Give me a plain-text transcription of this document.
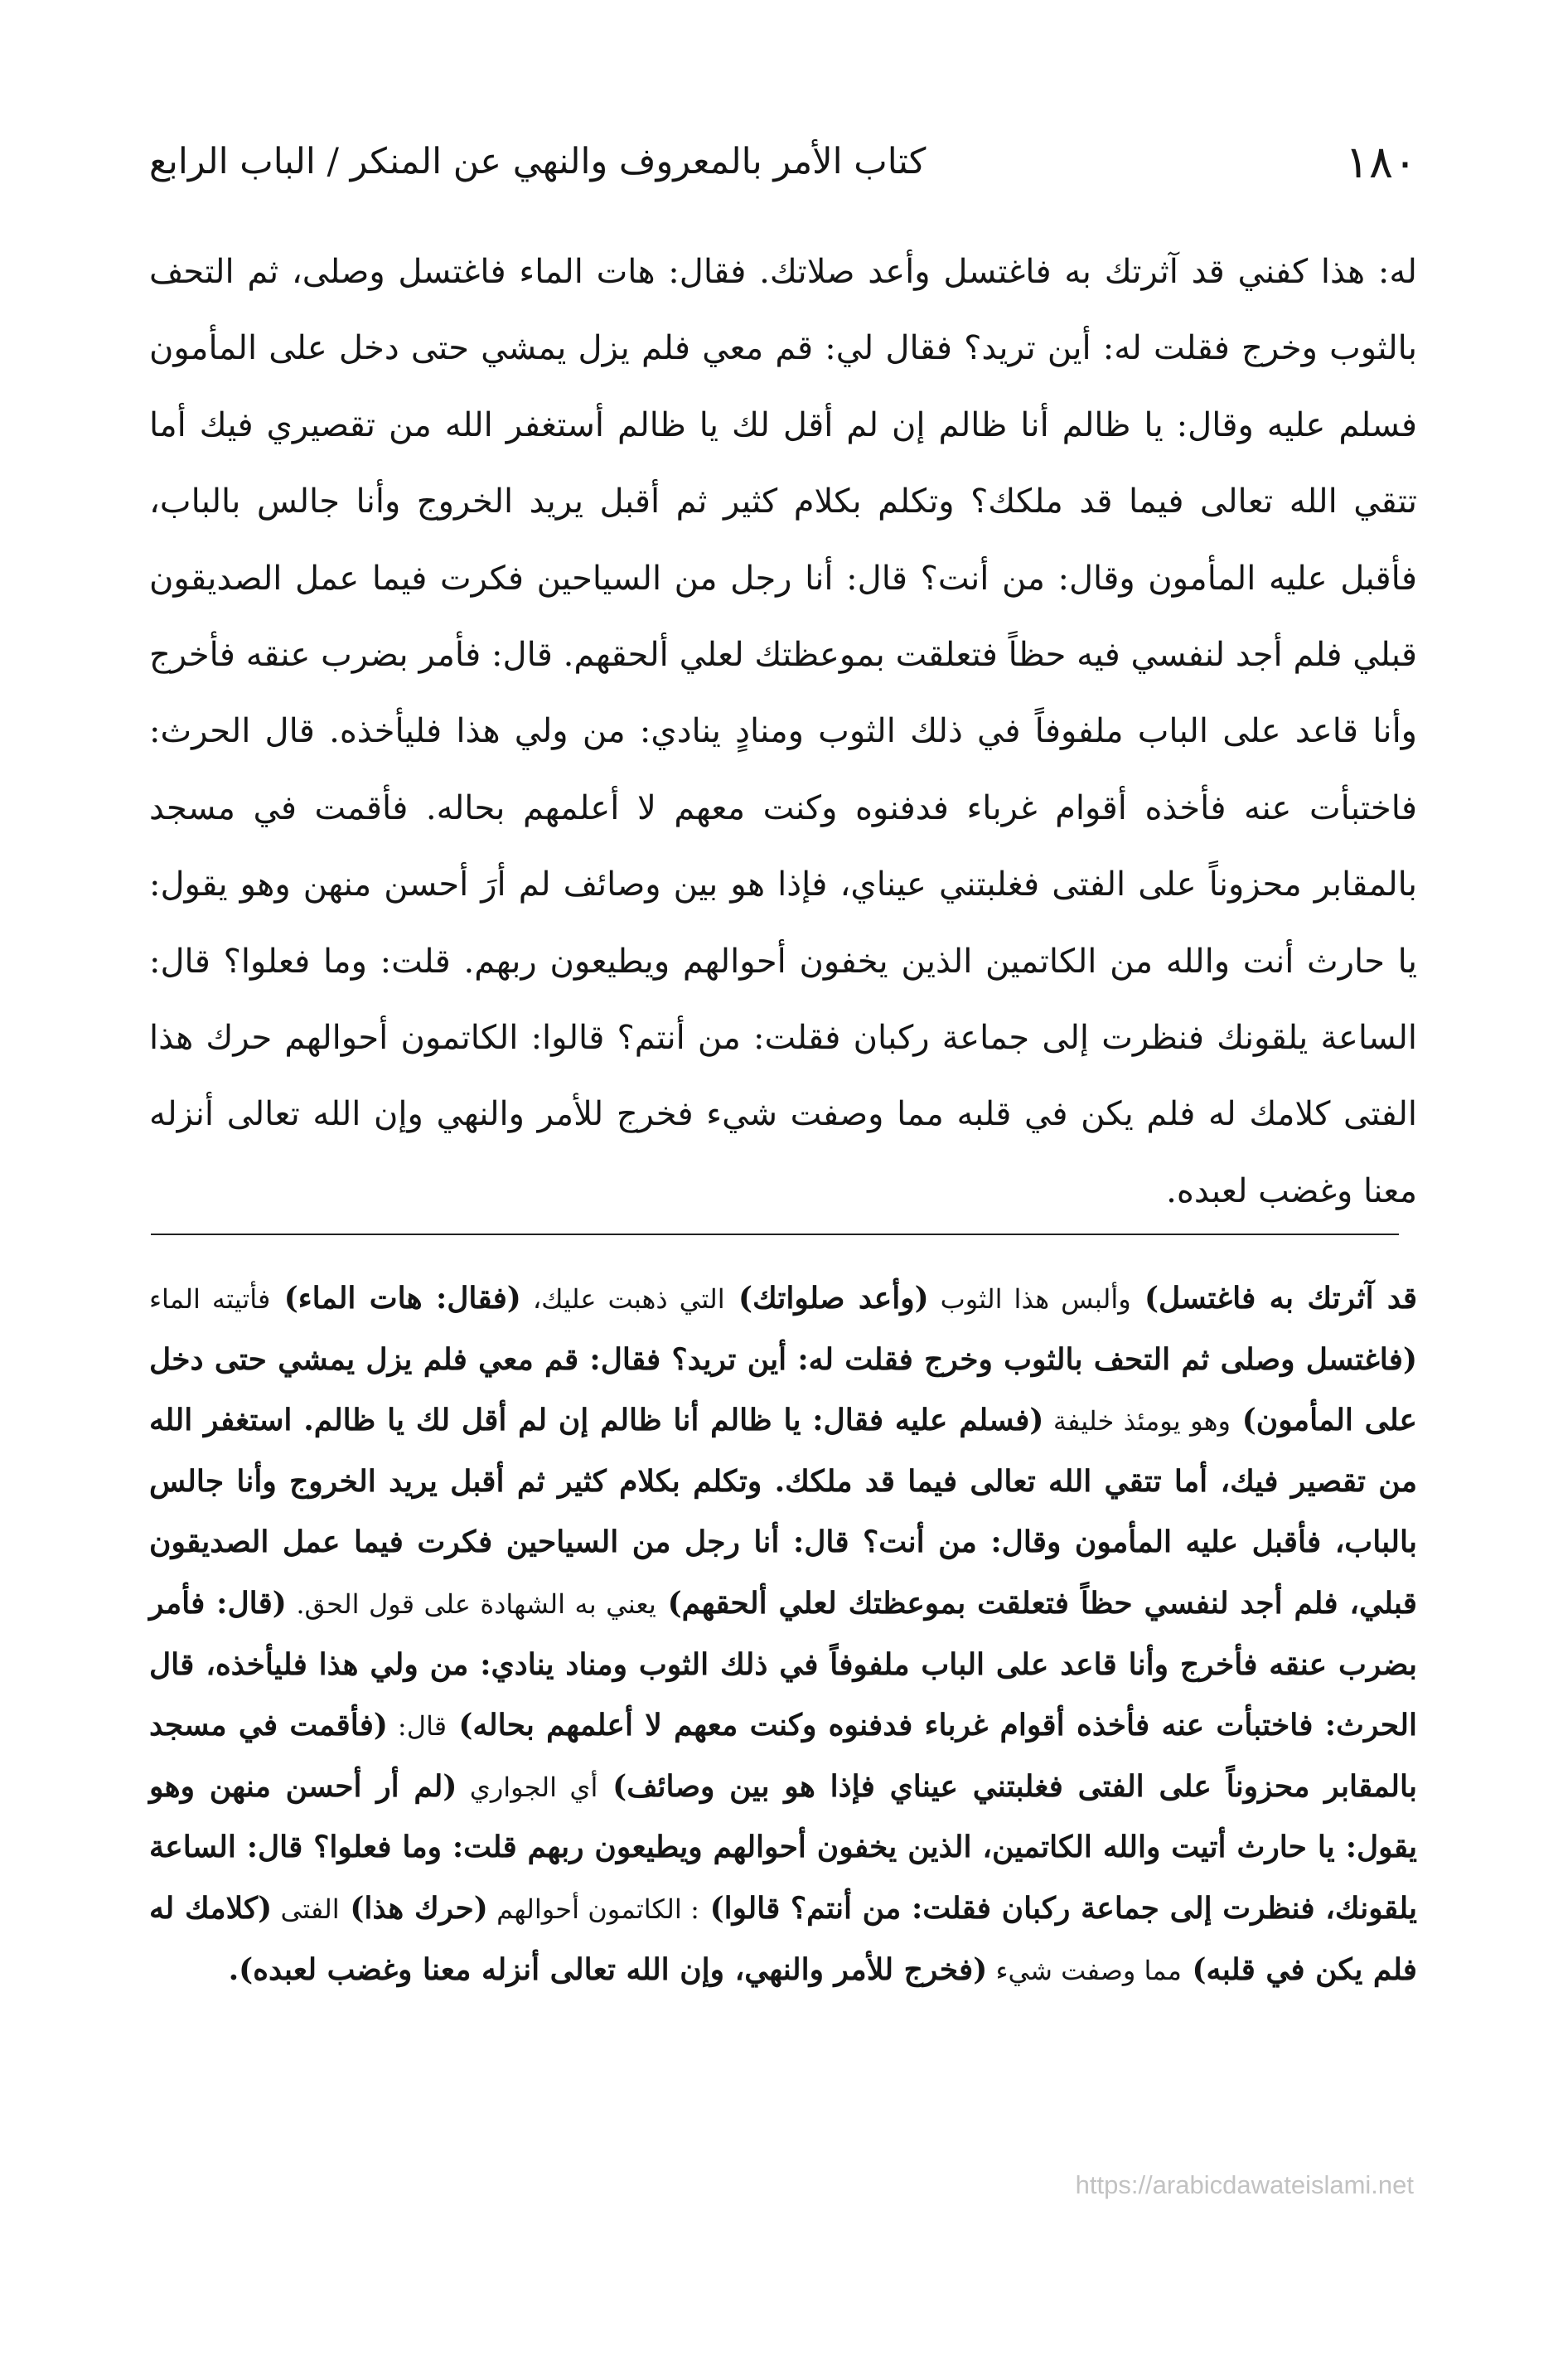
١٨٠
كتاب الأمر بالمعروف والنهي عن المنكر / الباب الرابع

له: هذا كفني قد آثرتك به فاغتسل وأعد صلاتك. فقال: هات الماء فاغتسل وصلى، ثم التحف بالثوب وخرج فقلت له: أين تريد؟ فقال لي: قم معي فلم يزل يمشي حتى دخل على المأمون فسلم عليه وقال: يا ظالم أنا ظالم إن لم أقل لك يا ظالم أستغفر الله من تقصيري فيك أما تتقي الله تعالى فيما قد ملكك؟ وتكلم بكلام كثير ثم أقبل يريد الخروج وأنا جالس بالباب، فأقبل عليه المأمون وقال: من أنت؟ قال: أنا رجل من السياحين فكرت فيما عمل الصديقون قبلي فلم أجد لنفسي فيه حظاً فتعلقت بموعظتك لعلي ألحقهم. قال: فأمر بضرب عنقه فأخرج وأنا قاعد على الباب ملفوفاً في ذلك الثوب ومنادٍ ينادي: من ولي هذا فليأخذه. قال الحرث: فاختبأت عنه فأخذه أقوام غرباء فدفنوه وكنت معهم لا أعلمهم بحاله. فأقمت في مسجد بالمقابر محزوناً على الفتى فغلبتني عيناي، فإذا هو بين وصائف لم أرَ أحسن منهن وهو يقول: يا حارث أنت والله من الكاتمين الذين يخفون أحوالهم ويطيعون ربهم. قلت: وما فعلوا؟ قال: الساعة يلقونك فنظرت إلى جماعة ركبان فقلت: من أنتم؟ قالوا: الكاتمون أحوالهم حرك هذا الفتى كلامك له فلم يكن في قلبه مما وصفت شيء فخرج للأمر والنهي وإن الله تعالى أنزله معنا وغضب لعبده.

قد آثرتك به فاغتسل) وألبس هذا الثوب (وأعد صلواتك) التي ذهبت عليك، (فقال: هات الماء) فأتيته الماء (فاغتسل وصلى ثم التحف بالثوب وخرج فقلت له: أين تريد؟ فقال: قم معي فلم يزل يمشي حتى دخل على المأمون) وهو يومئذ خليفة (فسلم عليه فقال: يا ظالم أنا ظالم إن لم أقل لك يا ظالم. استغفر الله من تقصير فيك، أما تتقي الله تعالى فيما قد ملكك. وتكلم بكلام كثير ثم أقبل يريد الخروج وأنا جالس بالباب، فأقبل عليه المأمون وقال: من أنت؟ قال: أنا رجل من السياحين فكرت فيما عمل الصديقون قبلي، فلم أجد لنفسي حظاً فتعلقت بموعظتك لعلي ألحقهم) يعني به الشهادة على قول الحق. (قال: فأمر بضرب عنقه فأخرج وأنا قاعد على الباب ملفوفاً في ذلك الثوب ومناد ينادي: من ولي هذا فليأخذه، قال الحرث: فاختبأت عنه فأخذه أقوام غرباء فدفنوه وكنت معهم لا أعلمهم بحاله) قال: (فأقمت في مسجد بالمقابر محزوناً على الفتى فغلبتني عيناي فإذا هو بين وصائف) أي الجواري (لم أر أحسن منهن وهو يقول: يا حارث أتيت والله الكاتمين، الذين يخفون أحوالهم ويطيعون ربهم قلت: وما فعلوا؟ قال: الساعة يلقونك، فنظرت إلى جماعة ركبان فقلت: من أنتم؟ قالوا) : الكاتمون أحوالهم (حرك هذا) الفتى (كلامك له فلم يكن في قلبه) مما وصفت شيء (فخرج للأمر والنهي، وإن الله تعالى أنزله معنا وغضب لعبده).

https://arabicdawateislami.net
